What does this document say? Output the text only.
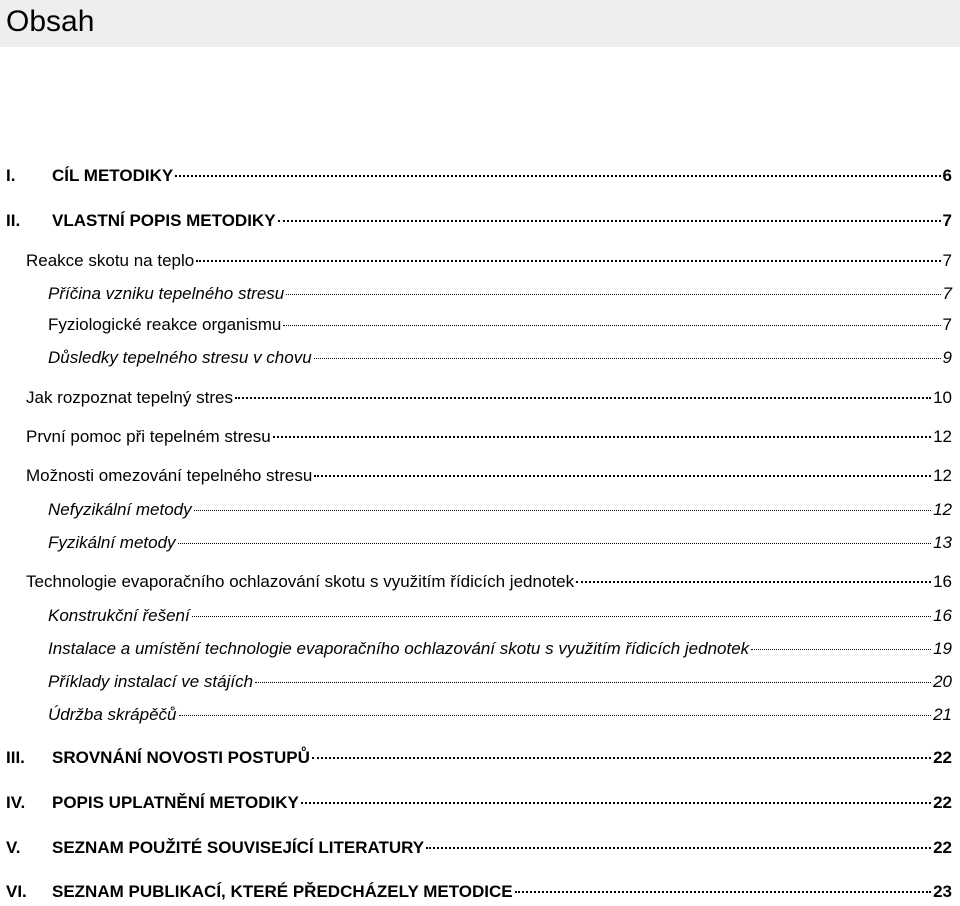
Obsah
I.	CÍL METODIKY	6
II.	VLASTNÍ POPIS METODIKY	7
Reakce skotu na teplo	7
Příčina vzniku tepelného stresu	7
Fyziologické reakce organismu	7
Důsledky tepelného stresu v chovu	9
Jak rozpoznat tepelný stres	10
První pomoc při tepelném stresu	12
Možnosti omezování tepelného stresu	12
Nefyzikální metody	12
Fyzikální metody	13
Technologie evaporačního ochlazování skotu s využitím řídicích jednotek	16
Konstrukční řešení	16
Instalace a umístění technologie evaporačního ochlazování skotu s využitím řídicích jednotek	19
Příklady instalací ve stájích	20
Údržba skrápěčů	21
III.	SROVNÁNÍ NOVOSTI POSTUPŮ	22
IV.	POPIS UPLATNĚNÍ METODIKY	22
V.	SEZNAM POUŽITÉ SOUVISEJÍCÍ LITERATURY	22
VI.	SEZNAM PUBLIKACÍ, KTERÉ PŘEDCHÁZELY METODICE	23
